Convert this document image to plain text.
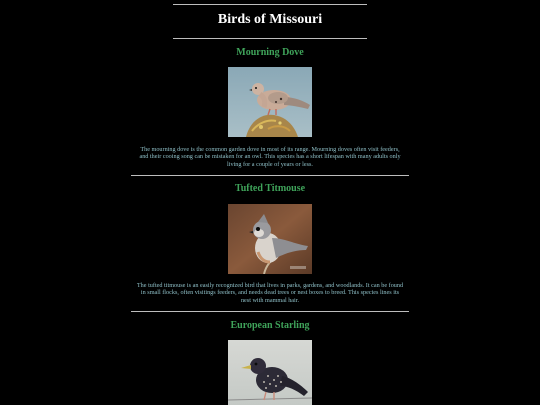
Birds of Missouri
Mourning Dove

The mourning dove is the common garden dove in most of its range. Mourning doves often visit feeders, and their cooing song can be mistaken for an owl. This species has a short lifespan with many adults only living for a couple of years or less.

Tufted Titmouse

The tufted titmouse is an easily recognized bird that lives in parks, gardens, and woodlands. It can be found in small flocks, often visitings feeders, and needs dead trees or nest boxes to breed. This species lines its nest with mammal hair.

European Starling
